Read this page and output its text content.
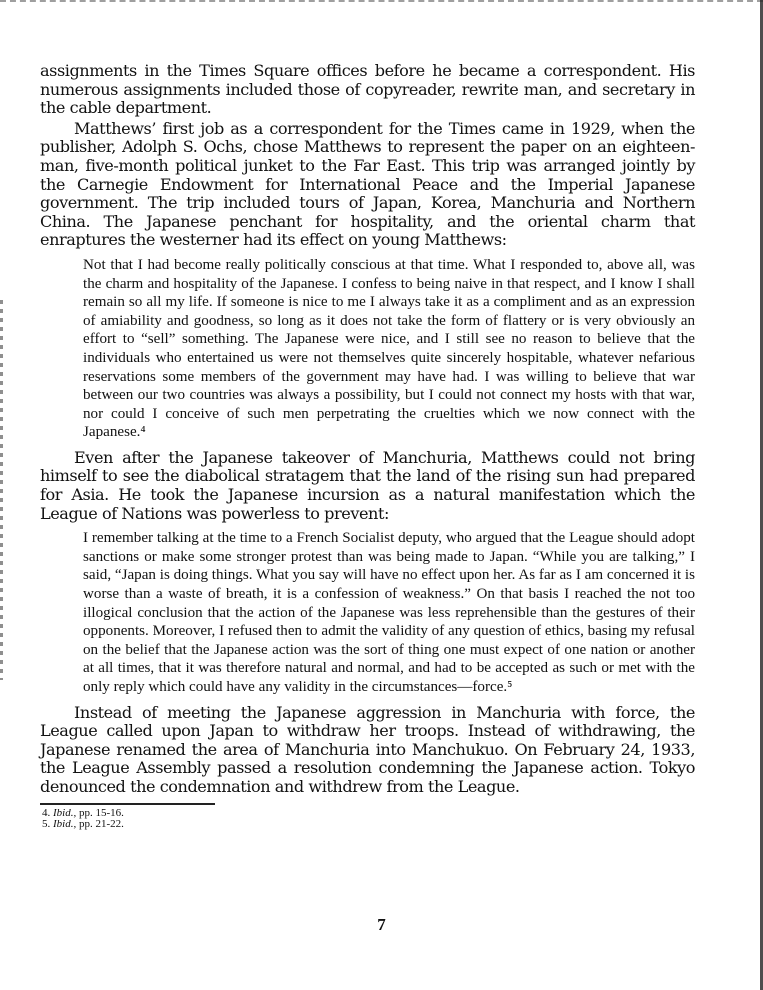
assignments in the Times Square offices before he became a correspondent. His numerous assignments included those of copyreader, rewrite man, and secretary in the cable department.

Matthews’ first job as a correspondent for the Times came in 1929, when the publisher, Adolph S. Ochs, chose Matthews to represent the paper on an eighteen-man, five-month political junket to the Far East. This trip was arranged jointly by the Carnegie Endowment for International Peace and the Imperial Japanese government. The trip included tours of Japan, Korea, Manchuria and Northern China. The Japanese penchant for hospitality, and the oriental charm that enraptures the westerner had its effect on young Matthews:

Not that I had become really politically conscious at that time. What I responded to, above all, was the charm and hospitality of the Japanese. I confess to being naive in that respect, and I know I shall remain so all my life. If someone is nice to me I always take it as a compliment and as an expression of amiability and goodness, so long as it does not take the form of flattery or is very obviously an effort to “sell” something. The Japanese were nice, and I still see no reason to believe that the individuals who entertained us were not themselves quite sincerely hospitable, whatever nefarious reservations some members of the government may have had. I was willing to believe that war between our two countries was always a possibility, but I could not connect my hosts with that war, nor could I conceive of such men perpetrating the cruelties which we now connect with the Japanese.⁴

Even after the Japanese takeover of Manchuria, Matthews could not bring himself to see the diabolical stratagem that the land of the rising sun had prepared for Asia. He took the Japanese incursion as a natural manifestation which the League of Nations was powerless to prevent:

I remember talking at the time to a French Socialist deputy, who argued that the League should adopt sanctions or make some stronger protest than was being made to Japan. “While you are talking,” I said, “Japan is doing things. What you say will have no effect upon her. As far as I am concerned it is worse than a waste of breath, it is a confession of weakness.” On that basis I reached the not too illogical conclusion that the action of the Japanese was less reprehensible than the gestures of their opponents. Moreover, I refused then to admit the validity of any question of ethics, basing my refusal on the belief that the Japanese action was the sort of thing one must expect of one nation or another at all times, that it was therefore natural and normal, and had to be accepted as such or met with the only reply which could have any validity in the circumstances—force.⁵

Instead of meeting the Japanese aggression in Manchuria with force, the League called upon Japan to withdraw her troops. Instead of withdrawing, the Japanese renamed the area of Manchuria into Manchukuo. On February 24, 1933, the League Assembly passed a resolution condemning the Japanese action. Tokyo denounced the condemnation and withdrew from the League.

4. Ibid., pp. 15-16.
5. Ibid., pp. 21-22.
7
